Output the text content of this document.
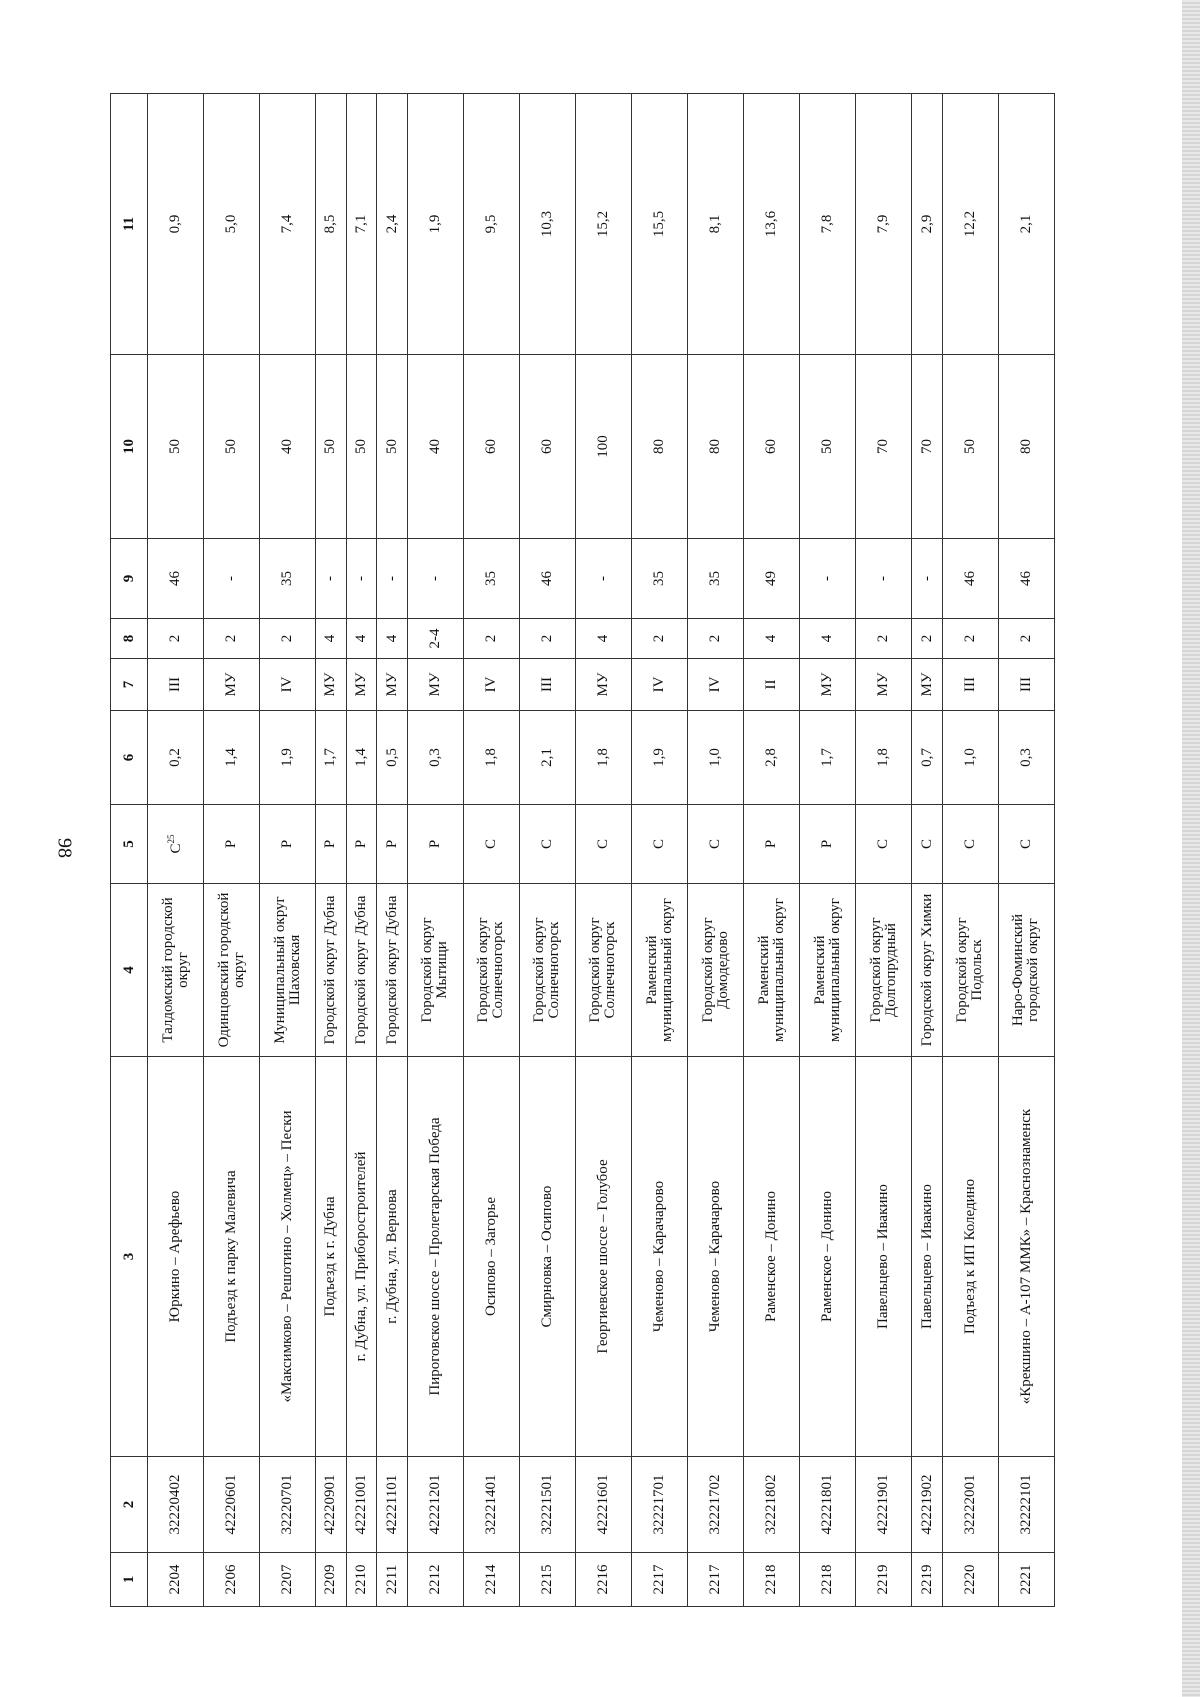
98
1	2	3	4	5	6	7	8	9	10	11
2204	32220402	Юркино – Арефьево	Талдомский городской округ	$С^{25}$	0,2	III	2	46	50	0,9
2206	42220601	Подъезд к парку Малевича	Одинцовский городской округ	Р	1,4	МУ	2	-	50	5,0
2207	32220701	«Максимково – Решотино – Холмец» – Пески	Муниципальный округ Шаховская	Р	1,9	IV	2	35	40	7,4
2209	42220901	Подъезд к г. Дубна	Городской округ Дубна	Р	1,7	МУ	4	-	50	8,5
2210	42221001	г. Дубна, ул. Приборостроителей	Городской округ Дубна	Р	1,4	МУ	4	-	50	7,1
2211	42221101	г. Дубна, ул. Вернова	Городской округ Дубна	Р	0,5	МУ	4	-	50	2,4
2212	42221201	Пироговское шоссе – Пролетарская Победа	Городской округ Мытищи	Р	0,3	МУ	2-4	-	40	1,9
2214	32221401	Осипово – Загорье	Городской округ Солнечногорск	С	1,8	IV	2	35	60	9,5
2215	32221501	Смирновка – Осипово	Городской округ Солнечногорск	С	2,1	III	2	46	60	10,3
2216	42221601	Георгиевское шоссе – Голубое	Городской округ Солнечногорск	С	1,8	МУ	4	-	100	15,2
2217	32221701	Чеменово – Карачарово	Раменский муниципальный округ	С	1,9	IV	2	35	80	15,5
2217	32221702	Чеменово – Карачарово	Городской округ Домодедово	С	1,0	IV	2	35	80	8,1
2218	32221802	Раменское – Донино	Раменский муниципальный округ	Р	2,8	II	4	49	60	13,6
2218	42221801	Раменское – Донино	Раменский муниципальный округ	Р	1,7	МУ	4	-	50	7,8
2219	42221901	Павельцево – Ивакино	Городской округ Долгопрудный	С	1,8	МУ	2	-	70	7,9
2219	42221902	Павельцево – Ивакино	Городской округ Химки	С	0,7	МУ	2	-	70	2,9
2220	32222001	Подъезд к ИП Коледино	Городской округ Подольск	С	1,0	III	2	46	50	12,2
2221	32222101	«Крекшино – А-107 ММК» – Краснознаменск	Наро-Фоминский городской округ	С	0,3	III	2	46	80	2,1
